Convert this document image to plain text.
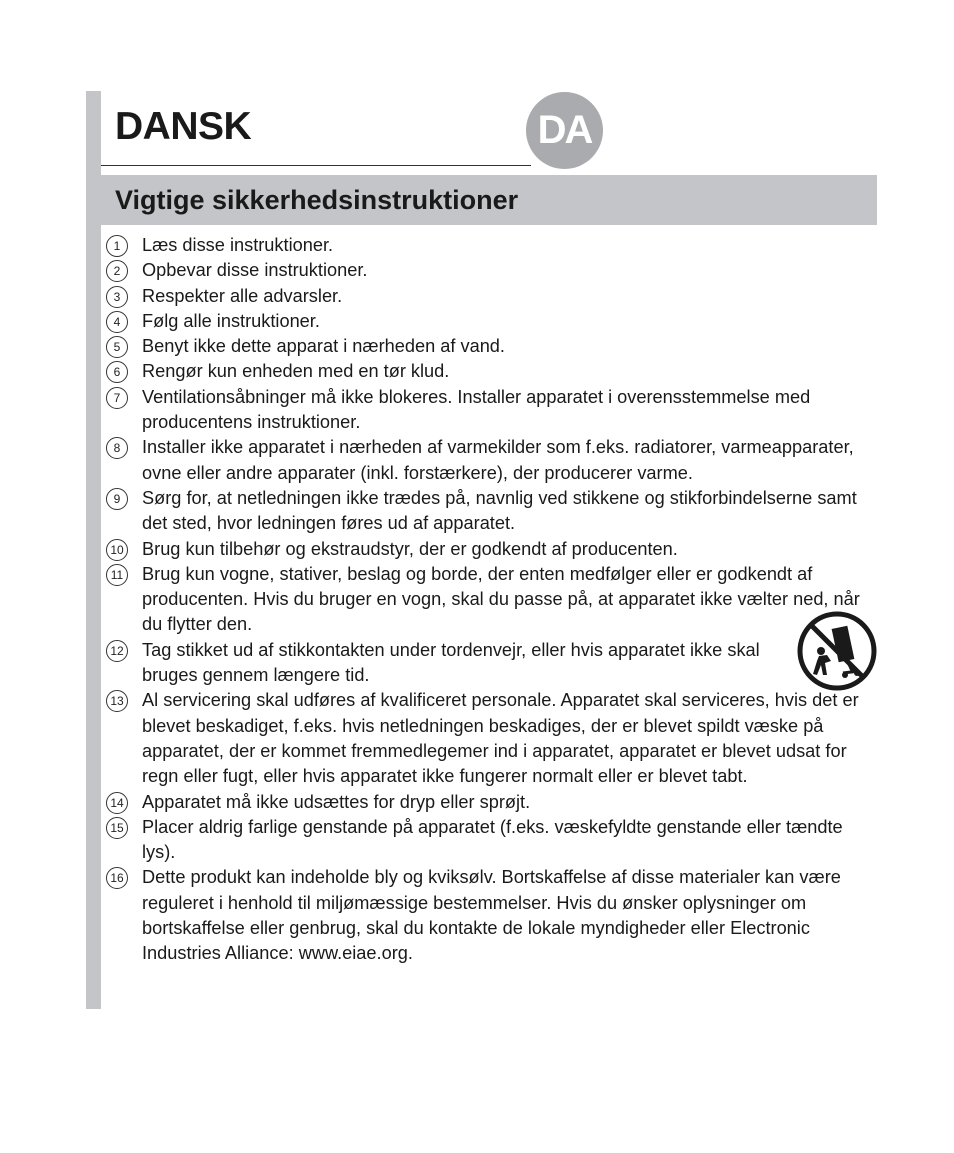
DANSK	DA
Vigtige sikkerhedsinstruktioner
1	Læs disse instruktioner.
2	Opbevar disse instruktioner.
3	Respekter alle advarsler.
4	Følg alle instruktioner.
5	Benyt ikke dette apparat i nærheden af vand.
6	Rengør kun enheden med en tør klud.
7	Ventilationsåbninger må ikke blokeres. Installer apparatet i overensstemmelse med producentens instruktioner.
8	Installer ikke apparatet i nærheden af varmekilder som f.eks. radiatorer, varmeapparater, ovne eller andre apparater (inkl. forstærkere), der producerer varme.
9	Sørg for, at netledningen ikke trædes på, navnlig ved stikkene og stikforbindelserne samt det sted, hvor ledningen føres ud af apparatet.
10 Brug kun tilbehør og ekstraudstyr, der er godkendt af producenten.
11 Brug kun vogne, stativer, beslag og borde, der enten medfølger eller er godkendt af producenten. Hvis du bruger en vogn, skal du passe på, at apparatet ikke vælter ned, når du flytter den.
12 Tag stikket ud af stikkontakten under tordenvejr, eller hvis apparatet ikke skal bruges gennem længere tid.
13 Al servicering skal udføres af kvalificeret personale. Apparatet skal serviceres, hvis det er blevet beskadiget, f.eks. hvis netledningen beskadiges, der er blevet spildt væske på apparatet, der er kommet fremmedlegemer ind i apparatet, apparatet er blevet udsat for regn eller fugt, eller hvis apparatet ikke fungerer normalt eller er blevet tabt.
14 Apparatet må ikke udsættes for dryp eller sprøjt.
15 Placer aldrig farlige genstande på apparatet (f.eks. væskefyldte genstande eller tændte lys).
16 Dette produkt kan indeholde bly og kviksølv. Bortskaffelse af disse materialer kan være reguleret i henhold til miljømæssige bestemmelser. Hvis du ønsker oplysninger om bortskaffelse eller genbrug, skal du kontakte de lokale myndigheder eller Electronic Industries Alliance: www.eiae.org.
